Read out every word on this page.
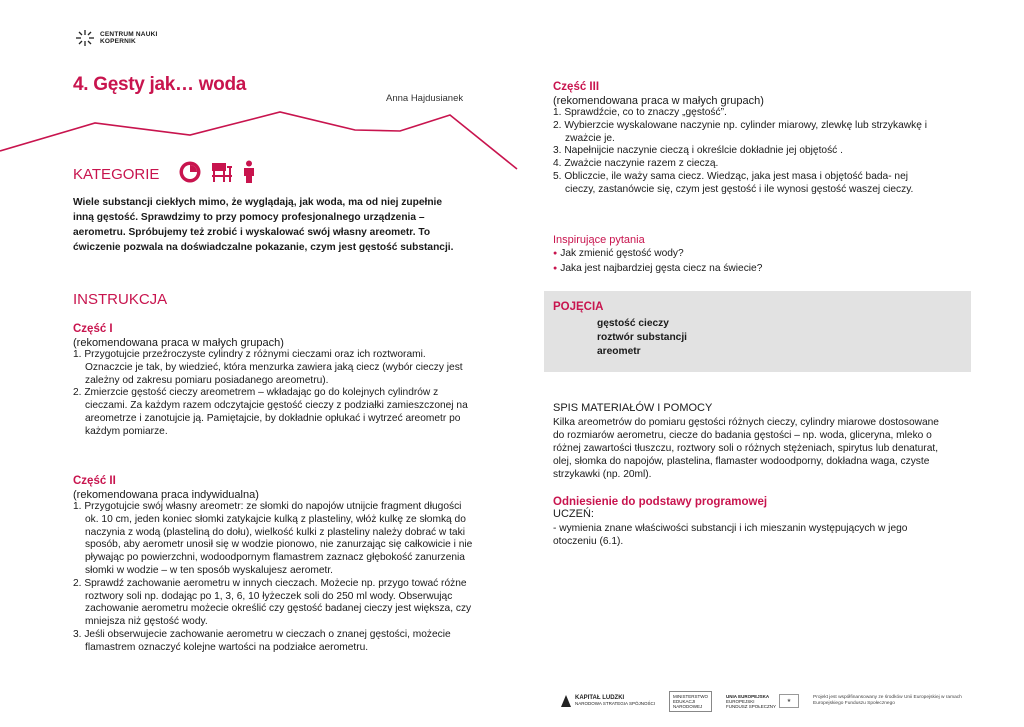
CENTRUM NAUKI
KOPERNIK
4. Gęsty jak… woda
Anna Hajdusianek
KATEGORIE

Wiele substancji ciekłych mimo, że wyglądają, jak woda, ma od niej zupełnie inną gęstość. Sprawdzimy to przy pomocy profesjonalnego urządzenia – aerometru. Spróbujemy też zrobić i wyskalować swój własny areometr. To ćwiczenie pozwala na doświadczalne pokazanie, czym jest gęstość substancji.

INSTRUKCJA
Część I
(rekomendowana praca w małych grupach)
1. Przygotujcie przeźroczyste cylindry z różnymi cieczami oraz ich roztworami. Oznaczcie je tak, by wiedzieć, która menzurka zawiera jaką ciecz (wybór cieczy jest zależny od zakresu pomiaru posiadanego areometru).
2. Zmierzcie gęstość cieczy areometrem – wkładając go do kolejnych cylindrów z cieczami. Za każdym razem odczytajcie gęstość cieczy z podziałki zamieszczonej na areometrze i zanotujcie ją. Pamiętajcie, by dokładnie opłukać i wytrzeć areometr po każdym pomiarze.
Część II
(rekomendowana praca indywidualna)
1. Przygotujcie swój własny areometr: ze słomki do napojów utnijcie fragment długości ok. 10 cm, jeden koniec słomki zatykajcie kulką z plasteliny, włóż kulkę ze słomką do naczynia z wodą (plasteliną do dołu), wielkość kulki z plasteliny należy dobrać w taki sposób, aby aerometr unosił się w wodzie pionowo, nie zanurzając się całkowicie i nie pływając po powierzchni, wodoodpornym flamastrem zaznacz głębokość zanurzenia słomki w wodzie – w ten sposób wyskalujesz aerometr.
2. Sprawdź zachowanie aerometru w innych cieczach. Możecie np. przygo tować różne roztwory soli np. dodając po 1, 3, 6, 10 łyżeczek soli do 250 ml wody. Obserwując zachowanie aerometru możecie określić czy gęstość badanej cieczy jest większa, czy mniejsza niż gęstość wody.
3. Jeśli obserwujecie zachowanie aerometru w cieczach o znanej gęstości, możecie flamastrem oznaczyć kolejne wartości na podziałce aerometru.
Część III
(rekomendowana praca w małych grupach)
1. Sprawdźcie, co to znaczy „gęstość”.
2. Wybierzcie wyskalowane naczynie np. cylinder miarowy, zlewkę lub strzykawkę i zważcie je.
3. Napełnijcie naczynie cieczą i określcie dokładnie jej objętość .
4. Zważcie naczynie razem z cieczą.
5. Obliczcie, ile waży sama ciecz. Wiedząc, jaka jest masa i objętość bada- nej cieczy, zastanówcie się, czym jest gęstość i ile wynosi gęstość waszej cieczy.
Inspirujące pytania
● Jak zmienić gęstość wody?
● Jaka jest najbardziej gęsta ciecz na świecie?
POJĘCIA
gęstość cieczy
roztwór substancji
areometr
SPIS MATERIAŁÓW I POMOCY

Kilka areometrów do pomiaru gęstości różnych cieczy, cylindry miarowe dostosowane do rozmiarów aerometru, ciecze do badania gęstości – np. woda, gliceryna, mleko o różnej zawartości tłuszczu, roztwory soli o różnych stężeniach, spirytus lub denaturat, olej, słomka do napojów, plastelina, flamaster wodoodporny, dokładna waga, czyste strzykawki (np. 20ml).

Odniesienie do podstawy programowej
UCZEŃ:

- wymienia znane właściwości substancji i ich mieszanin występujących w jego otoczeniu (6.1).

KAPITAŁ LUDZKI
NARODOWA STRATEGIA SPÓJNOŚCI
MINISTERSTWO
EDUKACJI
NARODOWEJ
UNIA EUROPEJSKA
EUROPEJSKI
FUNDUSZ SPOŁECZNY
★	Projekt jest współfinansowany ze środków Unii Europejskiej w ramach Europejskiego Funduszu Społecznego
